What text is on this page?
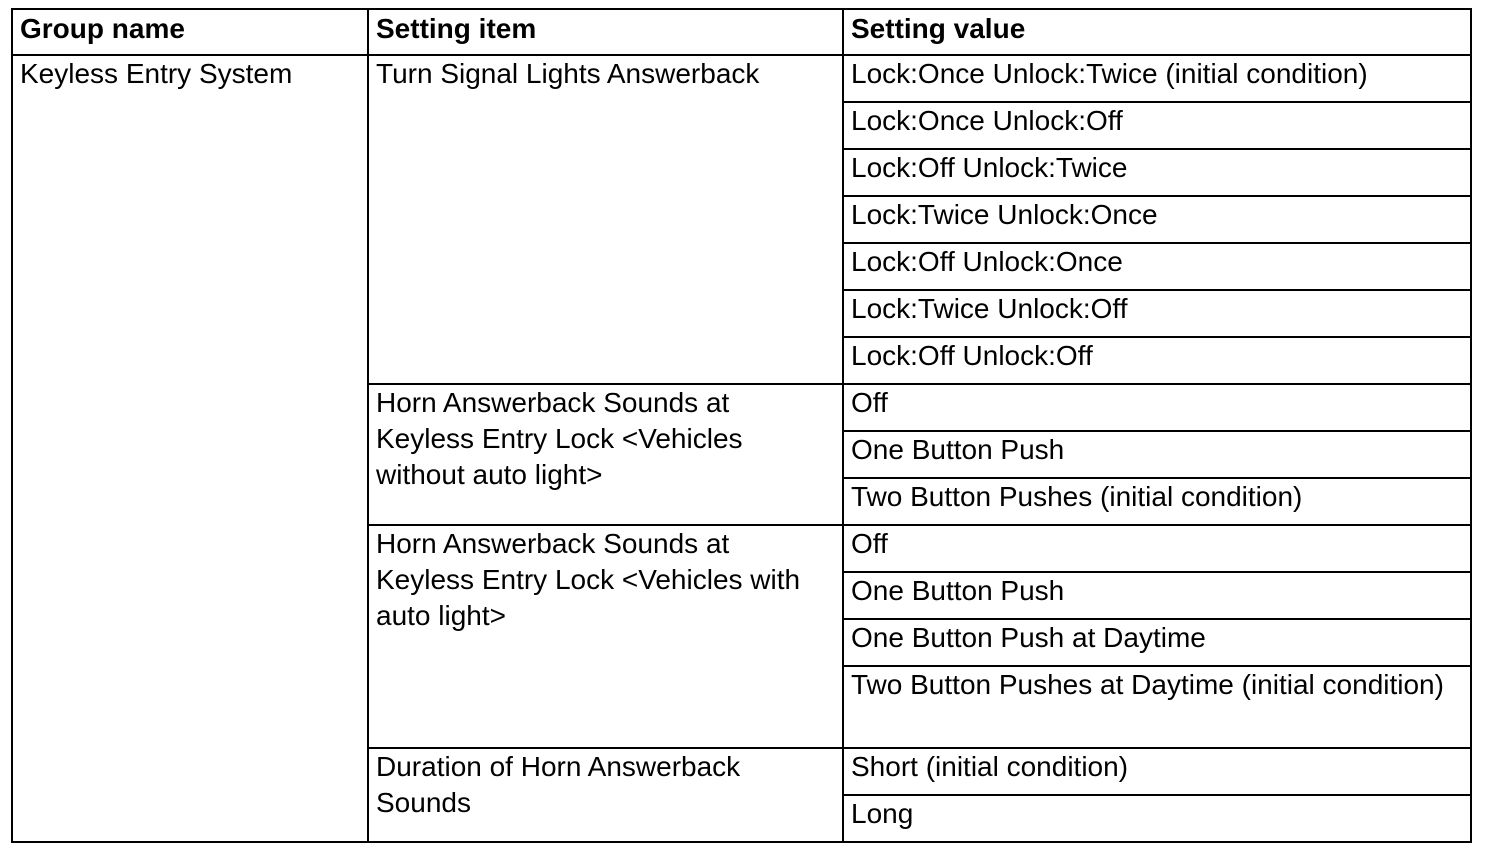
Group name	Setting item	Setting value
Keyless Entry System	Turn Signal Lights Answerback	Lock:Once Unlock:Twice (initial condition)
		Lock:Once Unlock:Off
		Lock:Off Unlock:Twice
		Lock:Twice Unlock:Once
		Lock:Off Unlock:Once
		Lock:Twice Unlock:Off
		Lock:Off Unlock:Off
	Horn Answerback Sounds at Keyless Entry Lock <Vehicles without auto light>	Off
		One Button Push
		Two Button Pushes (initial condition)
	Horn Answerback Sounds at Keyless Entry Lock <Vehicles with auto light>	Off
		One Button Push
		One Button Push at Daytime
		Two Button Pushes at Daytime (initial condition)
	Duration of Horn Answerback Sounds	Short (initial condition)
		Long
